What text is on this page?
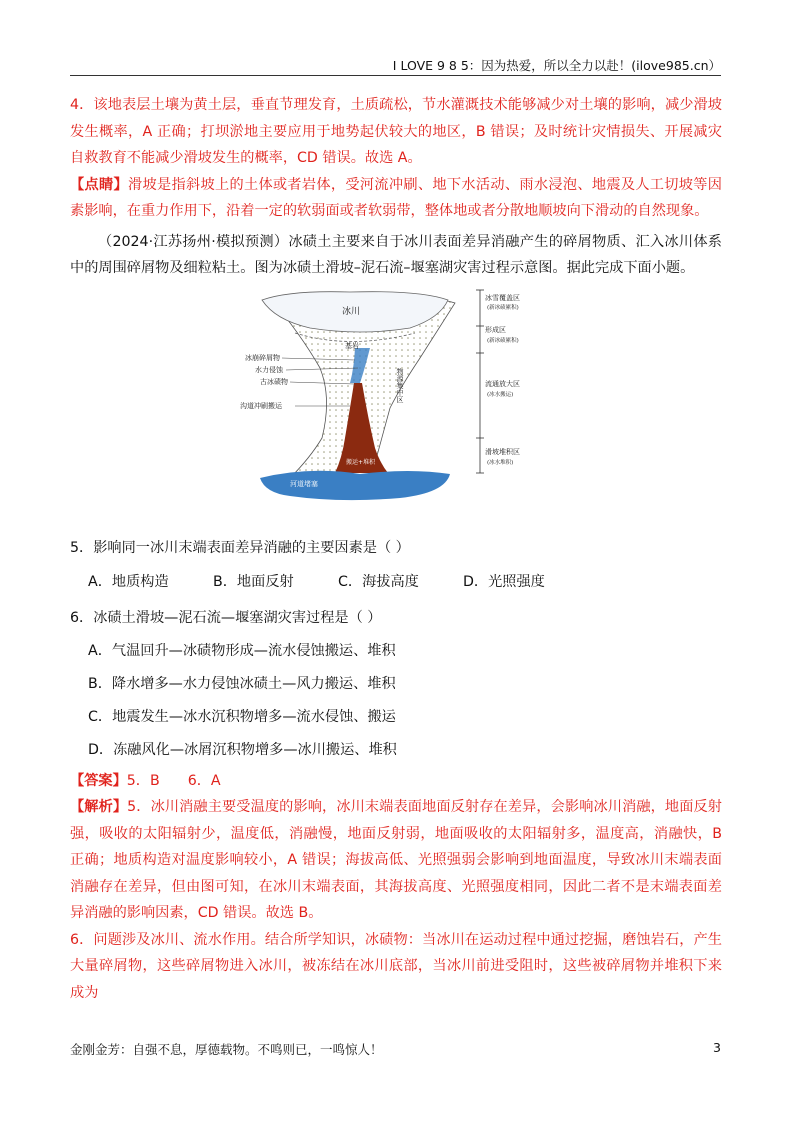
I LOVE 9 8 5：因为热爱，所以全力以赴！(ilove985.cn）

4．该地表层土壤为黄土层，垂直节理发育，土质疏松，节水灌溉技术能够减少对土壤的影响，减少滑坡发生概率，A 正确；打坝淤地主要应用于地势起伏较大的地区，B 错误；及时统计灾情损失、开展减灾自救教育不能减少滑坡发生的概率，CD 错误。故选 A。

【点睛】滑坡是指斜坡上的土体或者岩体，受河流冲刷、地下水活动、雨水浸泡、地震及人工切坡等因素影响，在重力作用下，沿着一定的软弱面或者软弱带，整体地或者分散地顺坡向下滑动的自然现象。

（2024·江苏扬州·模拟预测）冰碛土主要来自于冰川表面差异消融产生的碎屑物质、汇入冰川体系中的周围碎屑物及细粒粘土。图为冰碛土滑坡–泥石流–堰塞湖灾害过程示意图。据此完成下面小题。

冰川
基岩
冰崩碎屑物
水力侵蚀
古冰碛物
沟道冲刷搬运
物源集中区
搬运+堆积
河道堵塞
冰雪覆盖区
(新冰碛累积)
形成区
(新冰碛累积)
流通放大区
(冰水搬运)
滑坡堆积区
(冰水堆积)

5．影响同一冰川末端表面差异消融的主要因素是（ ）

A．地质构造	B．地面反射	C．海拔高度	D．光照强度

6．冰碛土滑坡—泥石流—堰塞湖灾害过程是（ ）

A．气温回升—冰碛物形成—流水侵蚀搬运、堆积
B．降水增多—水力侵蚀冰碛土—风力搬运、堆积
C．地震发生—冰水沉积物增多—流水侵蚀、搬运
D．冻融风化—冰屑沉积物增多—冰川搬运、堆积

【答案】5．B 6．A

【解析】5．冰川消融主要受温度的影响，冰川末端表面地面反射存在差异，会影响冰川消融，地面反射强，吸收的太阳辐射少，温度低，消融慢，地面反射弱，地面吸收的太阳辐射多，温度高，消融快，B 正确；地质构造对温度影响较小，A 错误；海拔高低、光照强弱会影响到地面温度，导致冰川末端表面消融存在差异，但由图可知，在冰川末端表面，其海拔高度、光照强度相同，因此二者不是末端表面差异消融的影响因素，CD 错误。故选 B。

6．问题涉及冰川、流水作用。结合所学知识，冰碛物：当冰川在运动过程中通过挖掘，磨蚀岩石，产生大量碎屑物，这些碎屑物进入冰川，被冻结在冰川底部，当冰川前进受阻时，这些被碎屑物并堆积下来成为

金刚金芳：自强不息，厚德载物。不鸣则已，一鸣惊人！	3
